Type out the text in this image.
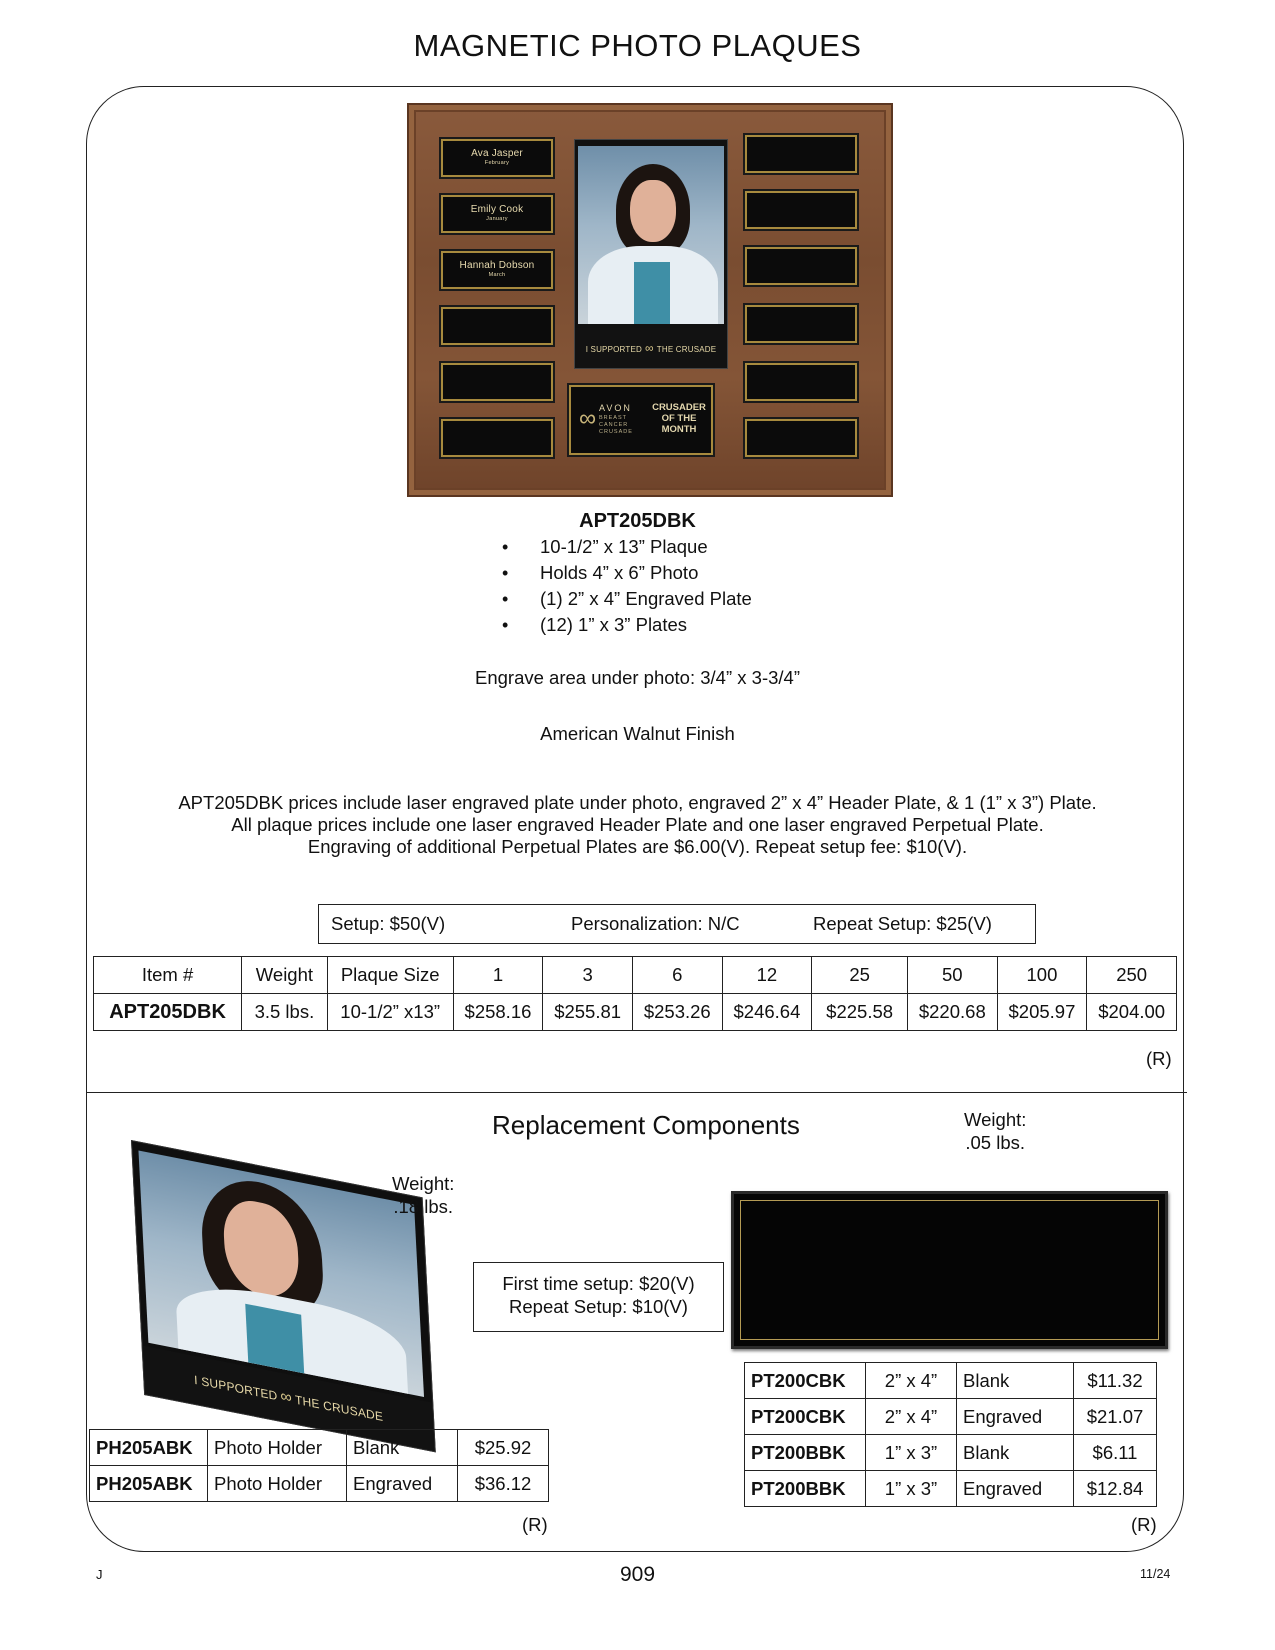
MAGNETIC PHOTO PLAQUES
Ava Jasper
February
Emily Cook
January
Hannah Dobson
March
I SUPPORTED ∞ THE CRUSADE
∞ AVON
BREAST
CANCER
CRUSADE
CRUSADER
OF THE
MONTH
APT205DBK
• 10-1/2” x 13” Plaque
• Holds 4” x 6” Photo
• (1) 2” x 4” Engraved Plate
• (12) 1” x 3” Plates
Engrave area under photo: 3/4” x 3-3/4”
American Walnut Finish
APT205DBK prices include laser engraved plate under photo, engraved 2” x 4” Header Plate, & 1 (1” x 3”) Plate.
All plaque prices include one laser engraved Header Plate and one laser engraved Perpetual Plate.
Engraving of additional Perpetual Plates are $6.00(V). Repeat setup fee: $10(V).
Setup: $50(V)	Personalization: N/C	Repeat Setup: $25(V)
Item #	Weight	Plaque Size	1	3	6	12	25	50	100	250
APT205DBK	3.5 lbs.	10-1/2” x13”	$258.16	$255.81	$253.26	$246.64	$225.58	$220.68	$205.97	$204.00
(R)
Replacement Components
I SUPPORTED ∞ THE CRUSADE
Weight:
.18 lbs.
Weight:
.05 lbs.
First time setup: $20(V)
Repeat Setup: $10(V)
PH205ABK	Photo Holder	Blank	$25.92
PH205ABK	Photo Holder	Engraved	$36.12
(R)
PT200CBK	2” x 4”	Blank	$11.32
PT200CBK	2” x 4”	Engraved	$21.07
PT200BBK	1” x 3”	Blank	$6.11
PT200BBK	1” x 3”	Engraved	$12.84
(R)
J	909	11/24
